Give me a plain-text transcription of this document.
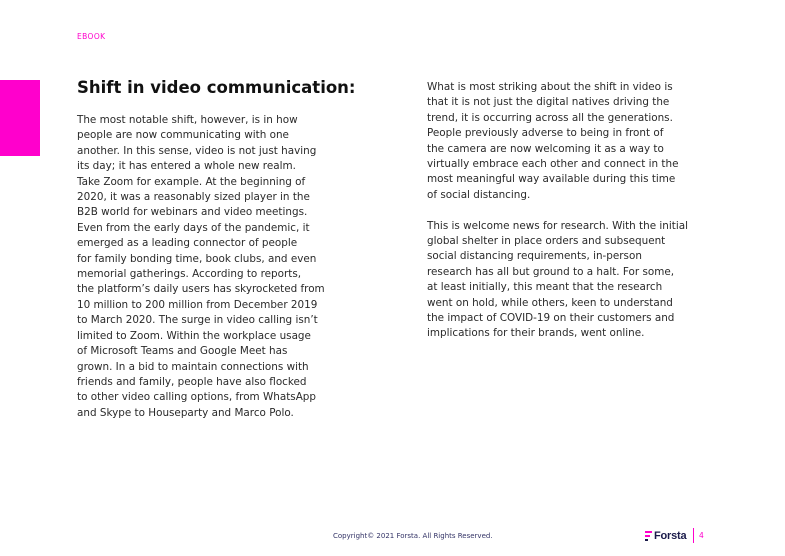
EBOOK
Shift in video communication:
The most notable shift, however, is in how
people are now communicating with one
another. In this sense, video is not just having
its day; it has entered a whole new realm.
Take Zoom for example. At the beginning of
2020, it was a reasonably sized player in the
B2B world for webinars and video meetings.
Even from the early days of the pandemic, it
emerged as a leading connector of people
for family bonding time, book clubs, and even
memorial gatherings. According to reports,
the platform’s daily users has skyrocketed from
10 million to 200 million from December 2019
to March 2020. The surge in video calling isn’t
limited to Zoom. Within the workplace usage
of Microsoft Teams and Google Meet has
grown. In a bid to maintain connections with
friends and family, people have also flocked
to other video calling options, from WhatsApp
and Skype to Houseparty and Marco Polo.
What is most striking about the shift in video is
that it is not just the digital natives driving the
trend, it is occurring across all the generations.
People previously adverse to being in front of
the camera are now welcoming it as a way to
virtually embrace each other and connect in the
most meaningful way available during this time
of social distancing.
This is welcome news for research. With the initial
global shelter in place orders and subsequent
social distancing requirements, in-person
research has all but ground to a halt. For some,
at least initially, this meant that the research
went on hold, while others, keen to understand
the impact of COVID-19 on their customers and
implications for their brands, went online.
Copyright© 2021 Forsta. All Rights Reserved.	Forsta 4
